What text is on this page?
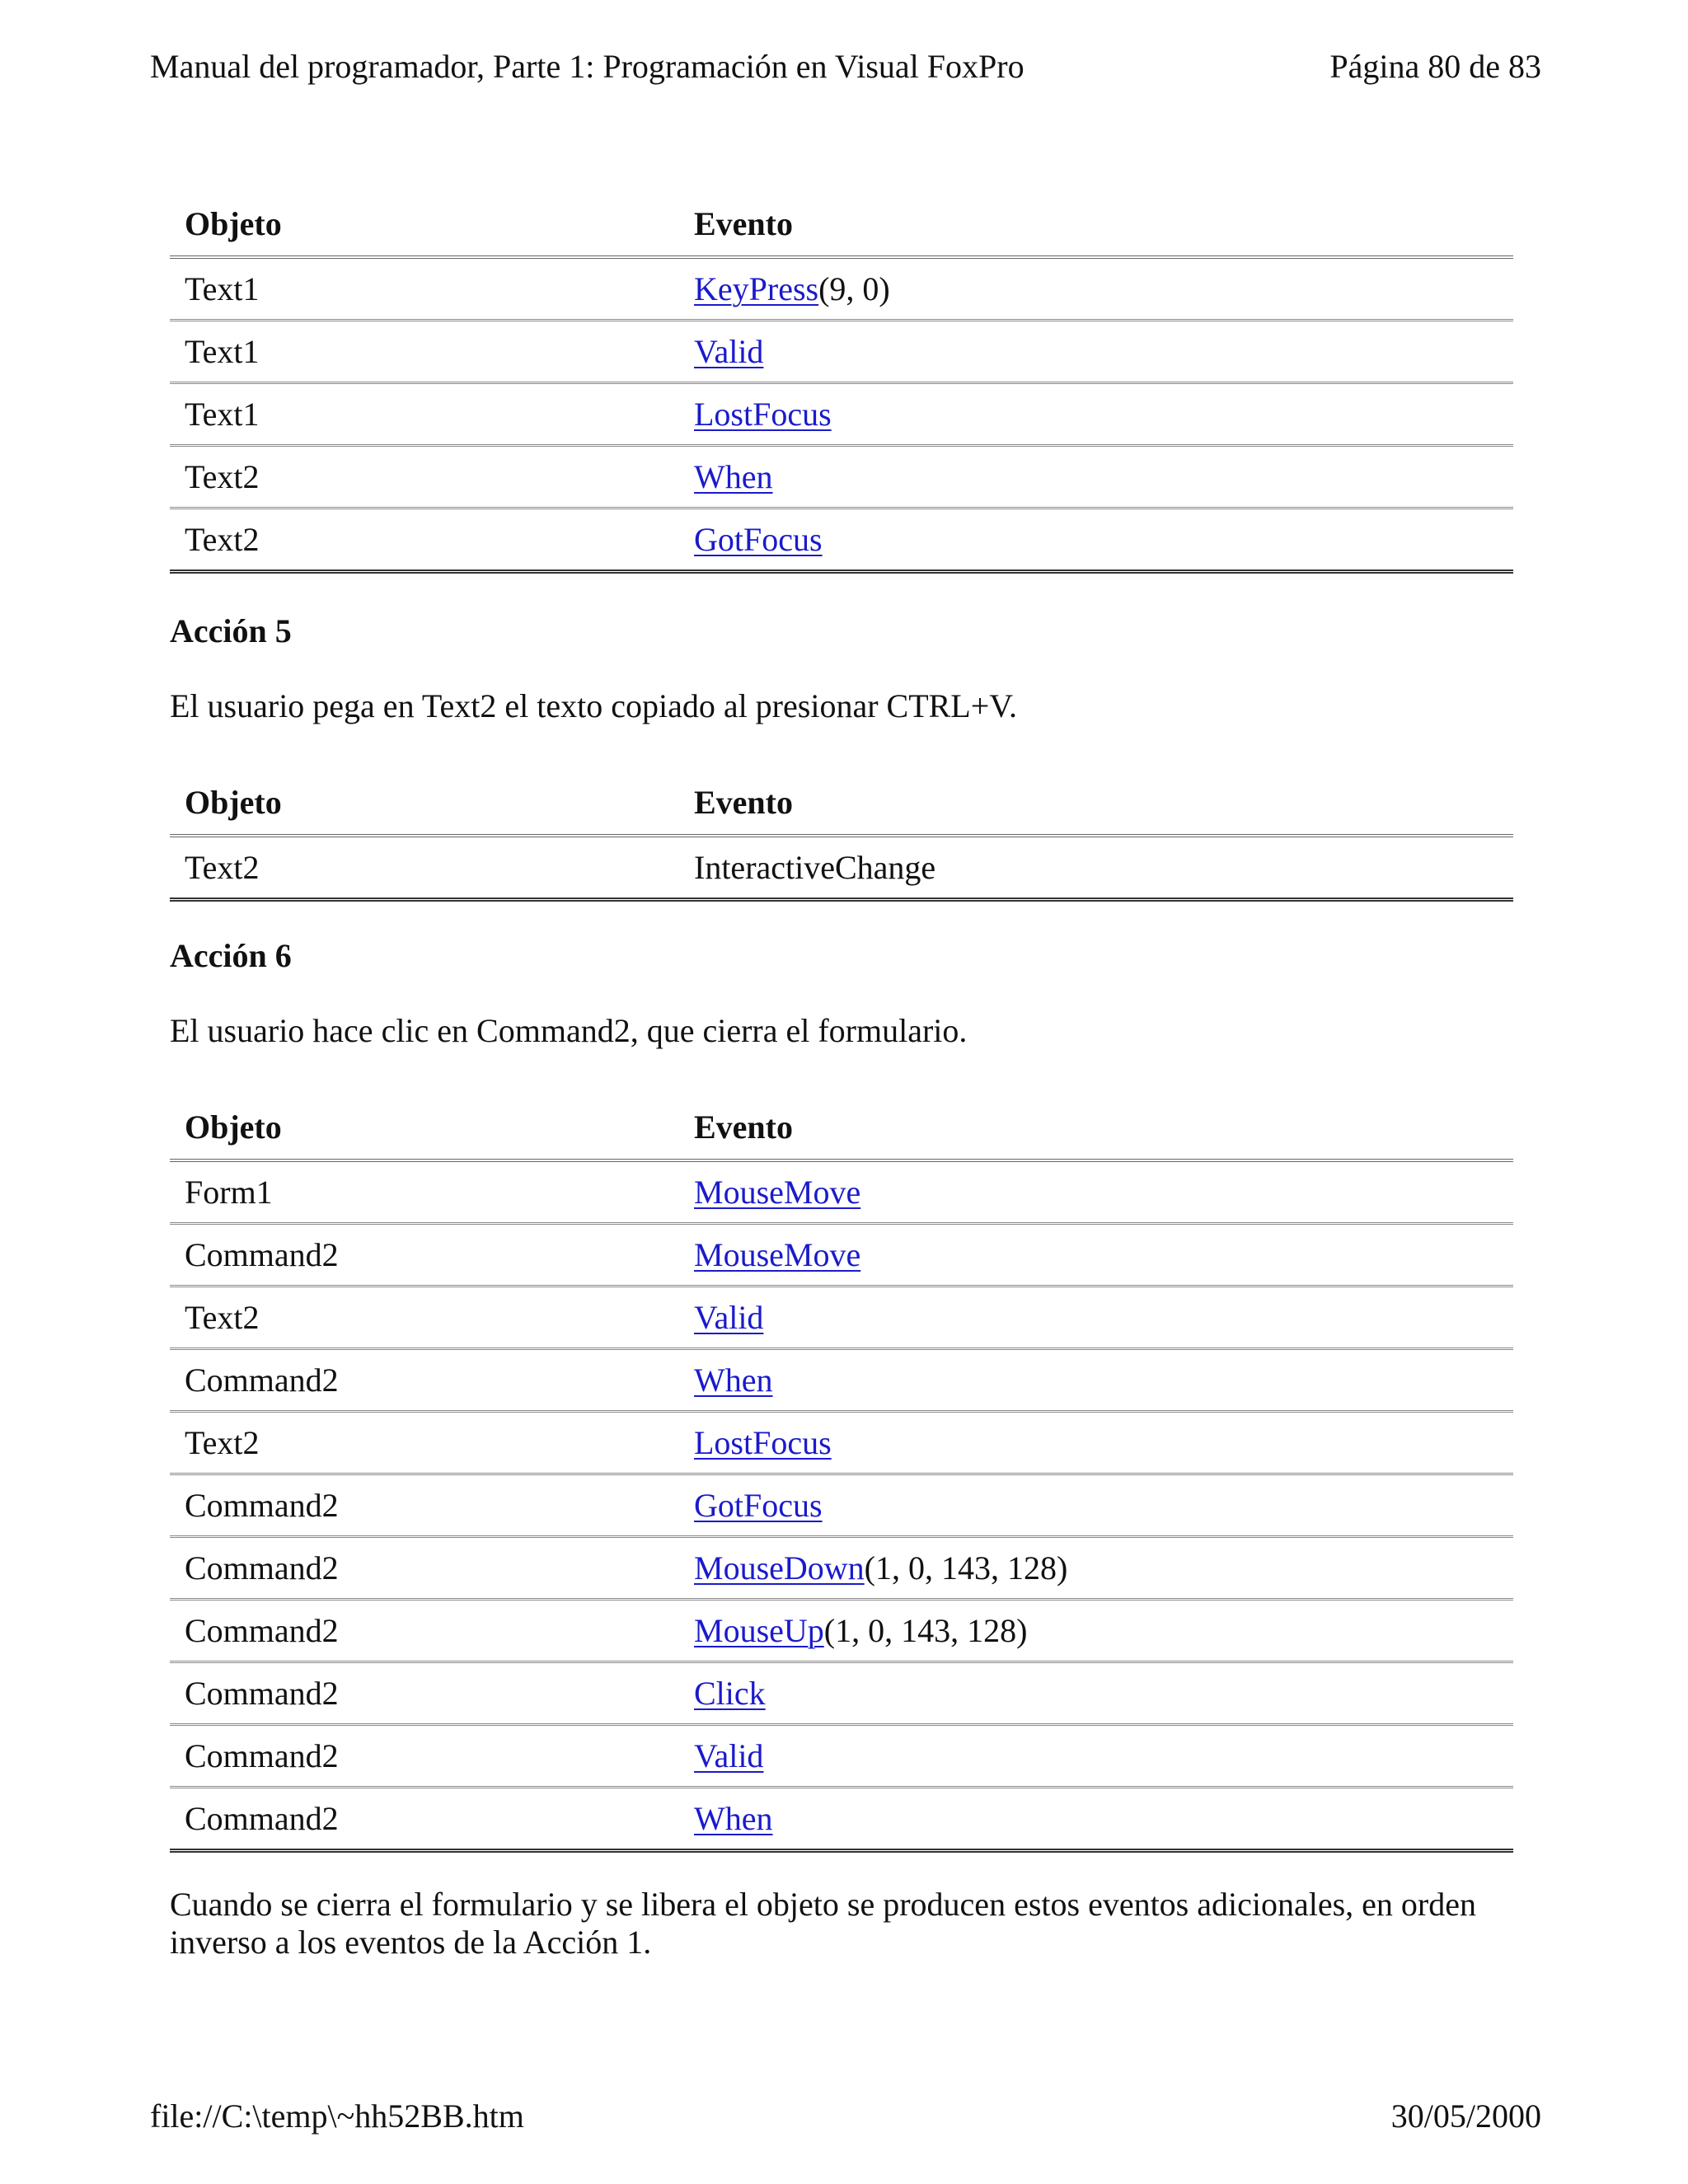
Manual del programador, Parte 1: Programación en Visual FoxPro	Página 80 de 83
Objeto	Evento
Text1	KeyPress(9, 0)
Text1	Valid
Text1	LostFocus
Text2	When
Text2	GotFocus
Acción 5

El usuario pega en Text2 el texto copiado al presionar CTRL+V.

Objeto	Evento
Text2	InteractiveChange
Acción 6

El usuario hace clic en Command2, que cierra el formulario.

Objeto	Evento
Form1	MouseMove
Command2	MouseMove
Text2	Valid
Command2	When
Text2	LostFocus
Command2	GotFocus
Command2	MouseDown(1, 0, 143, 128)
Command2	MouseUp(1, 0, 143, 128)
Command2	Click
Command2	Valid
Command2	When

Cuando se cierra el formulario y se libera el objeto se producen estos eventos adicionales, en orden inverso a los eventos de la Acción 1.

file://C:\temp\~hh52BB.htm	30/05/2000
